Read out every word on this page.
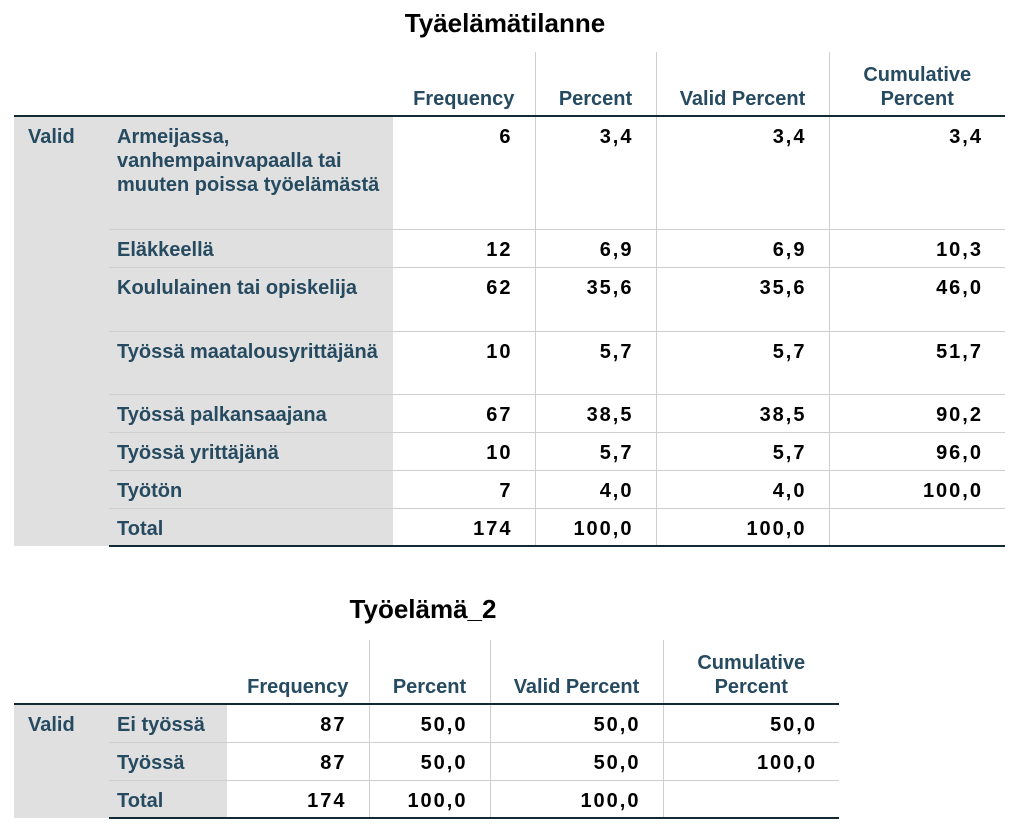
Tyäelämätilanne
		Frequency	Percent	Valid Percent	Cumulative Percent
Valid	Armeijassa, vanhempainvapaalla tai muuten poissa työelämästä	6	3,4	3,4	3,4
	Eläkkeellä	12	6,9	6,9	10,3
	Koululainen tai opiskelija	62	35,6	35,6	46,0
	Työssä maatalousyrittäjänä	10	5,7	5,7	51,7
	Työssä palkansaajana	67	38,5	38,5	90,2
	Työssä yrittäjänä	10	5,7	5,7	96,0
	Työtön	7	4,0	4,0	100,0
	Total	174	100,0	100,0	
Työelämä_2
		Frequency	Percent	Valid Percent	Cumulative Percent
Valid	Ei työssä	87	50,0	50,0	50,0
	Työssä	87	50,0	50,0	100,0
	Total	174	100,0	100,0	
